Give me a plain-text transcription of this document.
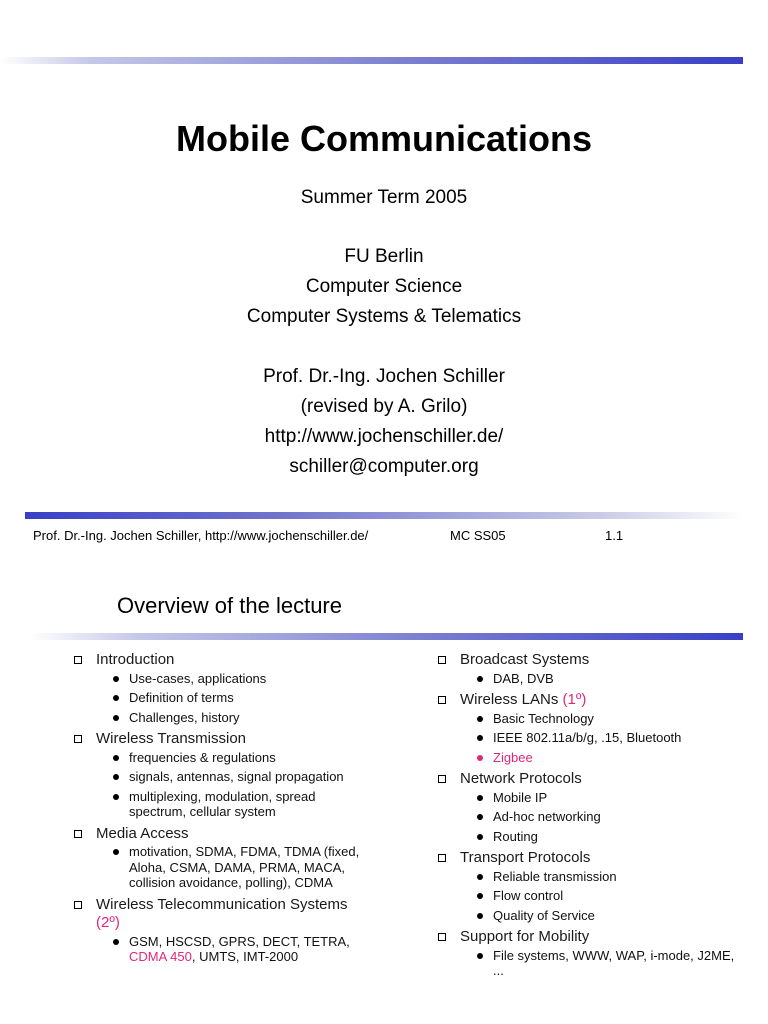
Mobile Communications
Summer Term 2005
FU Berlin
Computer Science
Computer Systems & Telematics
Prof. Dr.-Ing. Jochen Schiller
(revised by A. Grilo)
http://www.jochenschiller.de/
schiller@computer.org
Prof. Dr.-Ing. Jochen Schiller, http://www.jochenschiller.de/	MC SS05	1.1
Overview of the lecture
Introduction
Use-cases, applications
Definition of terms
Challenges, history
Wireless Transmission
frequencies & regulations
signals, antennas, signal propagation
multiplexing, modulation, spread spectrum, cellular system
Media Access
motivation, SDMA, FDMA, TDMA (fixed, Aloha, CSMA, DAMA, PRMA, MACA, collision avoidance, polling), CDMA
Wireless Telecommunication Systems (2º)
GSM, HSCSD, GPRS, DECT, TETRA, CDMA 450, UMTS, IMT-2000
Broadcast Systems
DAB, DVB
Wireless LANs (1º)
Basic Technology
IEEE 802.11a/b/g, .15, Bluetooth
Zigbee
Network Protocols
Mobile IP
Ad-hoc networking
Routing
Transport Protocols
Reliable transmission
Flow control
Quality of Service
Support for Mobility
File systems, WWW, WAP, i-mode, J2ME, ...
